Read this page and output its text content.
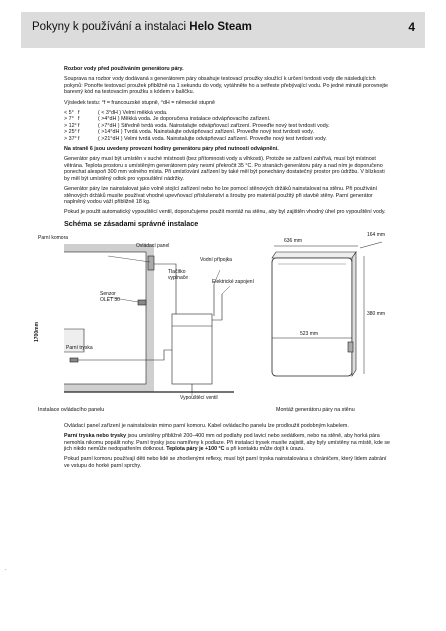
Pokyny k používání a instalaci Helo Steam	4

Rozbor vody před používáním generátoru páry.

Souprava na rozbor vody dodávaná s generátorem páry obsahuje testovací proužky sloužící k určení tvrdosti vody dle následujících pokynů: Ponořte testovací proužek přibližně na 1 sekundu do vody, vytáhněte ho a setřeste přebývající vodu. Po jedné minutě porovnejte barevný kód na testovacím proužku s kódem v balíčku.

Výsledek testu: °f = francouzské stupně, °dH = německé stupně

< 5° f	( < 3°dH ) Velmi měkká voda.
> 7° f	( >4°dH ) Měkká voda. Je doporučena instalace odvápňovacího zařízení.
> 12° f	( >7°dH ) Středně tvrdá voda. Nainstalujte odvápňovací zařízení. Proveďte nový test tvrdosti vody.
> 25° f	( >14°dH ) Tvrdá voda. Nainstalujte odvápňovací zařízení. Proveďte nový test tvrdosti vody.
> 37° f	( >21°dH ) Velmi tvrdá voda. Nainstalujte odvápňovací zařízení. Proveďte nový test tvrdosti vody.

Na straně 6 jsou uvedeny provozní hodiny generátoru páry před nutností odvápnění.

Generátor páry musí být umístěn v suché místnosti (bez přítomnosti vody a vlhkosti). Protože se zařízení zahřívá, musí být místnost větrána. Teplota prostoru s umístěným generátorem páry nesmí překročit 35 °C. Po stranách generátoru páry a nad ním je doporučeno ponechat alespoň 300 mm volného místa. Při umísťování zařízení by také měl být ponechány dostatečný prostor pro údržbu. V blízkosti by měl být umístěný odtok pro vypouštění nádržky.

Generátor páry lze nainstalovat jako volně stojící zařízení nebo ho lze pomocí stěnových držáků nainstalovat na stěnu. Při používání stěnových držáků musíte používat vhodné upevňovací příslušenství a šrouby pro materiál použitý při stavbě stěny. Parní generátor naplněný vodou váží přibližně 18 kg.

Pokud je použit automatický vypouštěcí ventil, doporučujeme použít montáž na stěnu, aby byl zajištěn vhodný úhel pro vypouštění vody.

Schéma se zásadami správné instalace

Parní komora
Ovládací panel
Vodní přípojka
Tlačítko
vypínače
Elektrické zapojení
Senzor
OLET 30
1700mm
Parní tryska
Vypouštěcí ventil
636 mm
164 mm
380 mm
523 mm
Instalace ovládacího panelu	Montáž generátoru páry na stěnu

Ovládací panel zařízení je nainstalován mimo parní komoru. Kabel ovládacího panelu lze prodloužit podobným kabelem.

Parní tryska nebo trysky jsou umístěny přibližně 200–400 mm od podlahy pod lavicí nebo sedátkem, nebo na stěně, aby horká pára nemohla nikomu popálit nohy. Parní trysky jsou namířeny k podlaze. Při instalaci trysek musíte zajistit, aby byly umístěny na místě, kde se jich nikdo nemůže nedopatřením dotknout. Teplota páry je +100 °C a při kontaktu může dojít k úrazu.

Pokud parní komoru používají děti nebo lidé se zhoršenými reflexy, musí být parní tryska nainstalována s chráničem, který lidem zabrání ve vstupu do horké parní sprchy.

.
